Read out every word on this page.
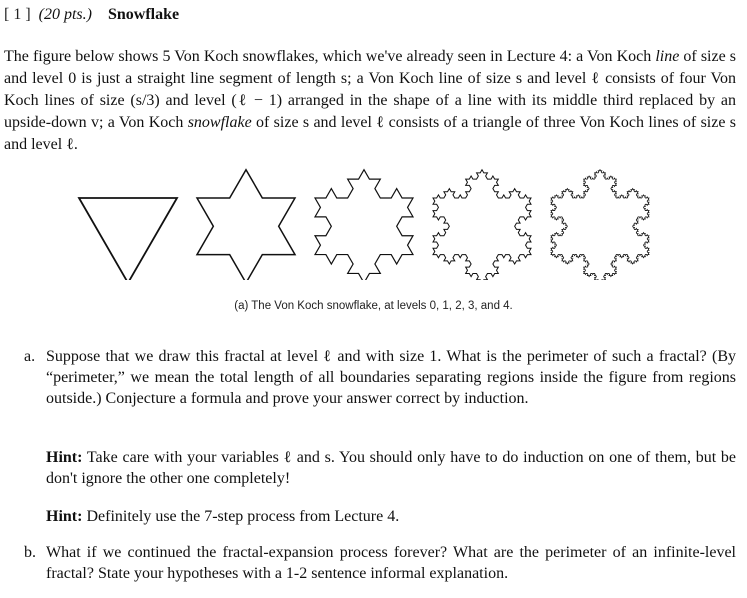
[ 1 ] (20 pts.) Snowflake
The figure below shows 5 Von Koch snowflakes, which we've already seen in Lecture 4: a Von Koch line of size s and level 0 is just a straight line segment of length s; a Von Koch line of size s and level ℓ consists of four Von Koch lines of size (s/3) and level (ℓ − 1) arranged in the shape of a line with its middle third replaced by an upside-down v; a Von Koch snowflake of size s and level ℓ consists of a triangle of three Von Koch lines of size s and level ℓ.
(a) The Von Koch snowflake, at levels 0, 1, 2, 3, and 4.
a. Suppose that we draw this fractal at level ℓ and with size 1. What is the perimeter of such a fractal? (By “perimeter,” we mean the total length of all boundaries separating regions inside the figure from regions outside.) Conjecture a formula and prove your answer correct by induction.
Hint: Take care with your variables ℓ and s. You should only have to do induction on one of them, but be don't ignore the other one completely!
Hint: Definitely use the 7-step process from Lecture 4.
b. What if we continued the fractal-expansion process forever? What are the perimeter of an infinite-level fractal? State your hypotheses with a 1-2 sentence informal explanation.
